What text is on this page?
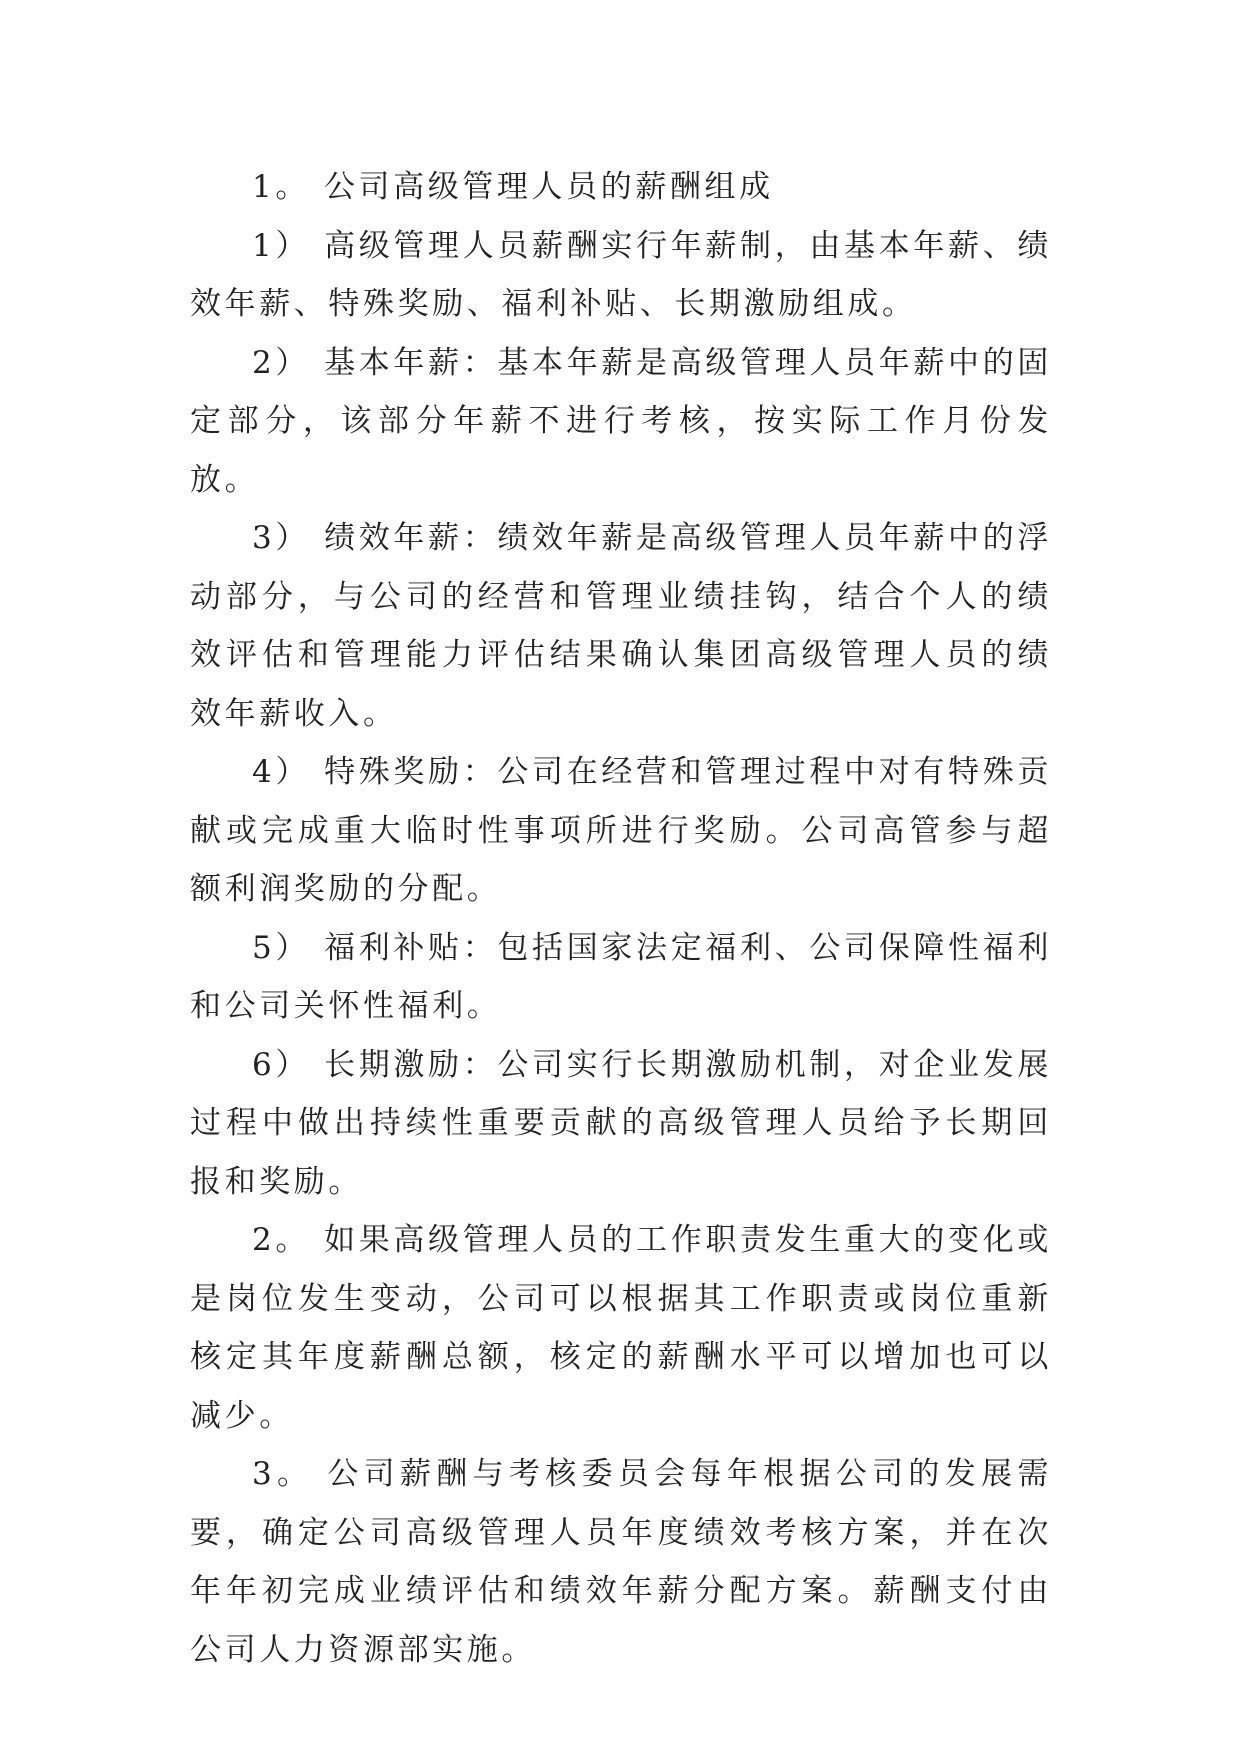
1。 公司高级管理人员的薪酬组成

1） 高级管理人员薪酬实行年薪制，由基本年薪、绩效年薪、特殊奖励、福利补贴、长期激励组成。

2） 基本年薪：基本年薪是高级管理人员年薪中的固定部分，该部分年薪不进行考核，按实际工作月份发放。

3） 绩效年薪：绩效年薪是高级管理人员年薪中的浮动部分，与公司的经营和管理业绩挂钩，结合个人的绩效评估和管理能力评估结果确认集团高级管理人员的绩效年薪收入。

4） 特殊奖励：公司在经营和管理过程中对有特殊贡献或完成重大临时性事项所进行奖励。公司高管参与超额利润奖励的分配。

5） 福利补贴：包括国家法定福利、公司保障性福利和公司关怀性福利。

6） 长期激励：公司实行长期激励机制，对企业发展过程中做出持续性重要贡献的高级管理人员给予长期回报和奖励。

2。 如果高级管理人员的工作职责发生重大的变化或是岗位发生变动，公司可以根据其工作职责或岗位重新核定其年度薪酬总额，核定的薪酬水平可以增加也可以减少。

3。 公司薪酬与考核委员会每年根据公司的发展需要，确定公司高级管理人员年度绩效考核方案，并在次年年初完成业绩评估和绩效年薪分配方案。薪酬支付由公司人力资源部实施。
